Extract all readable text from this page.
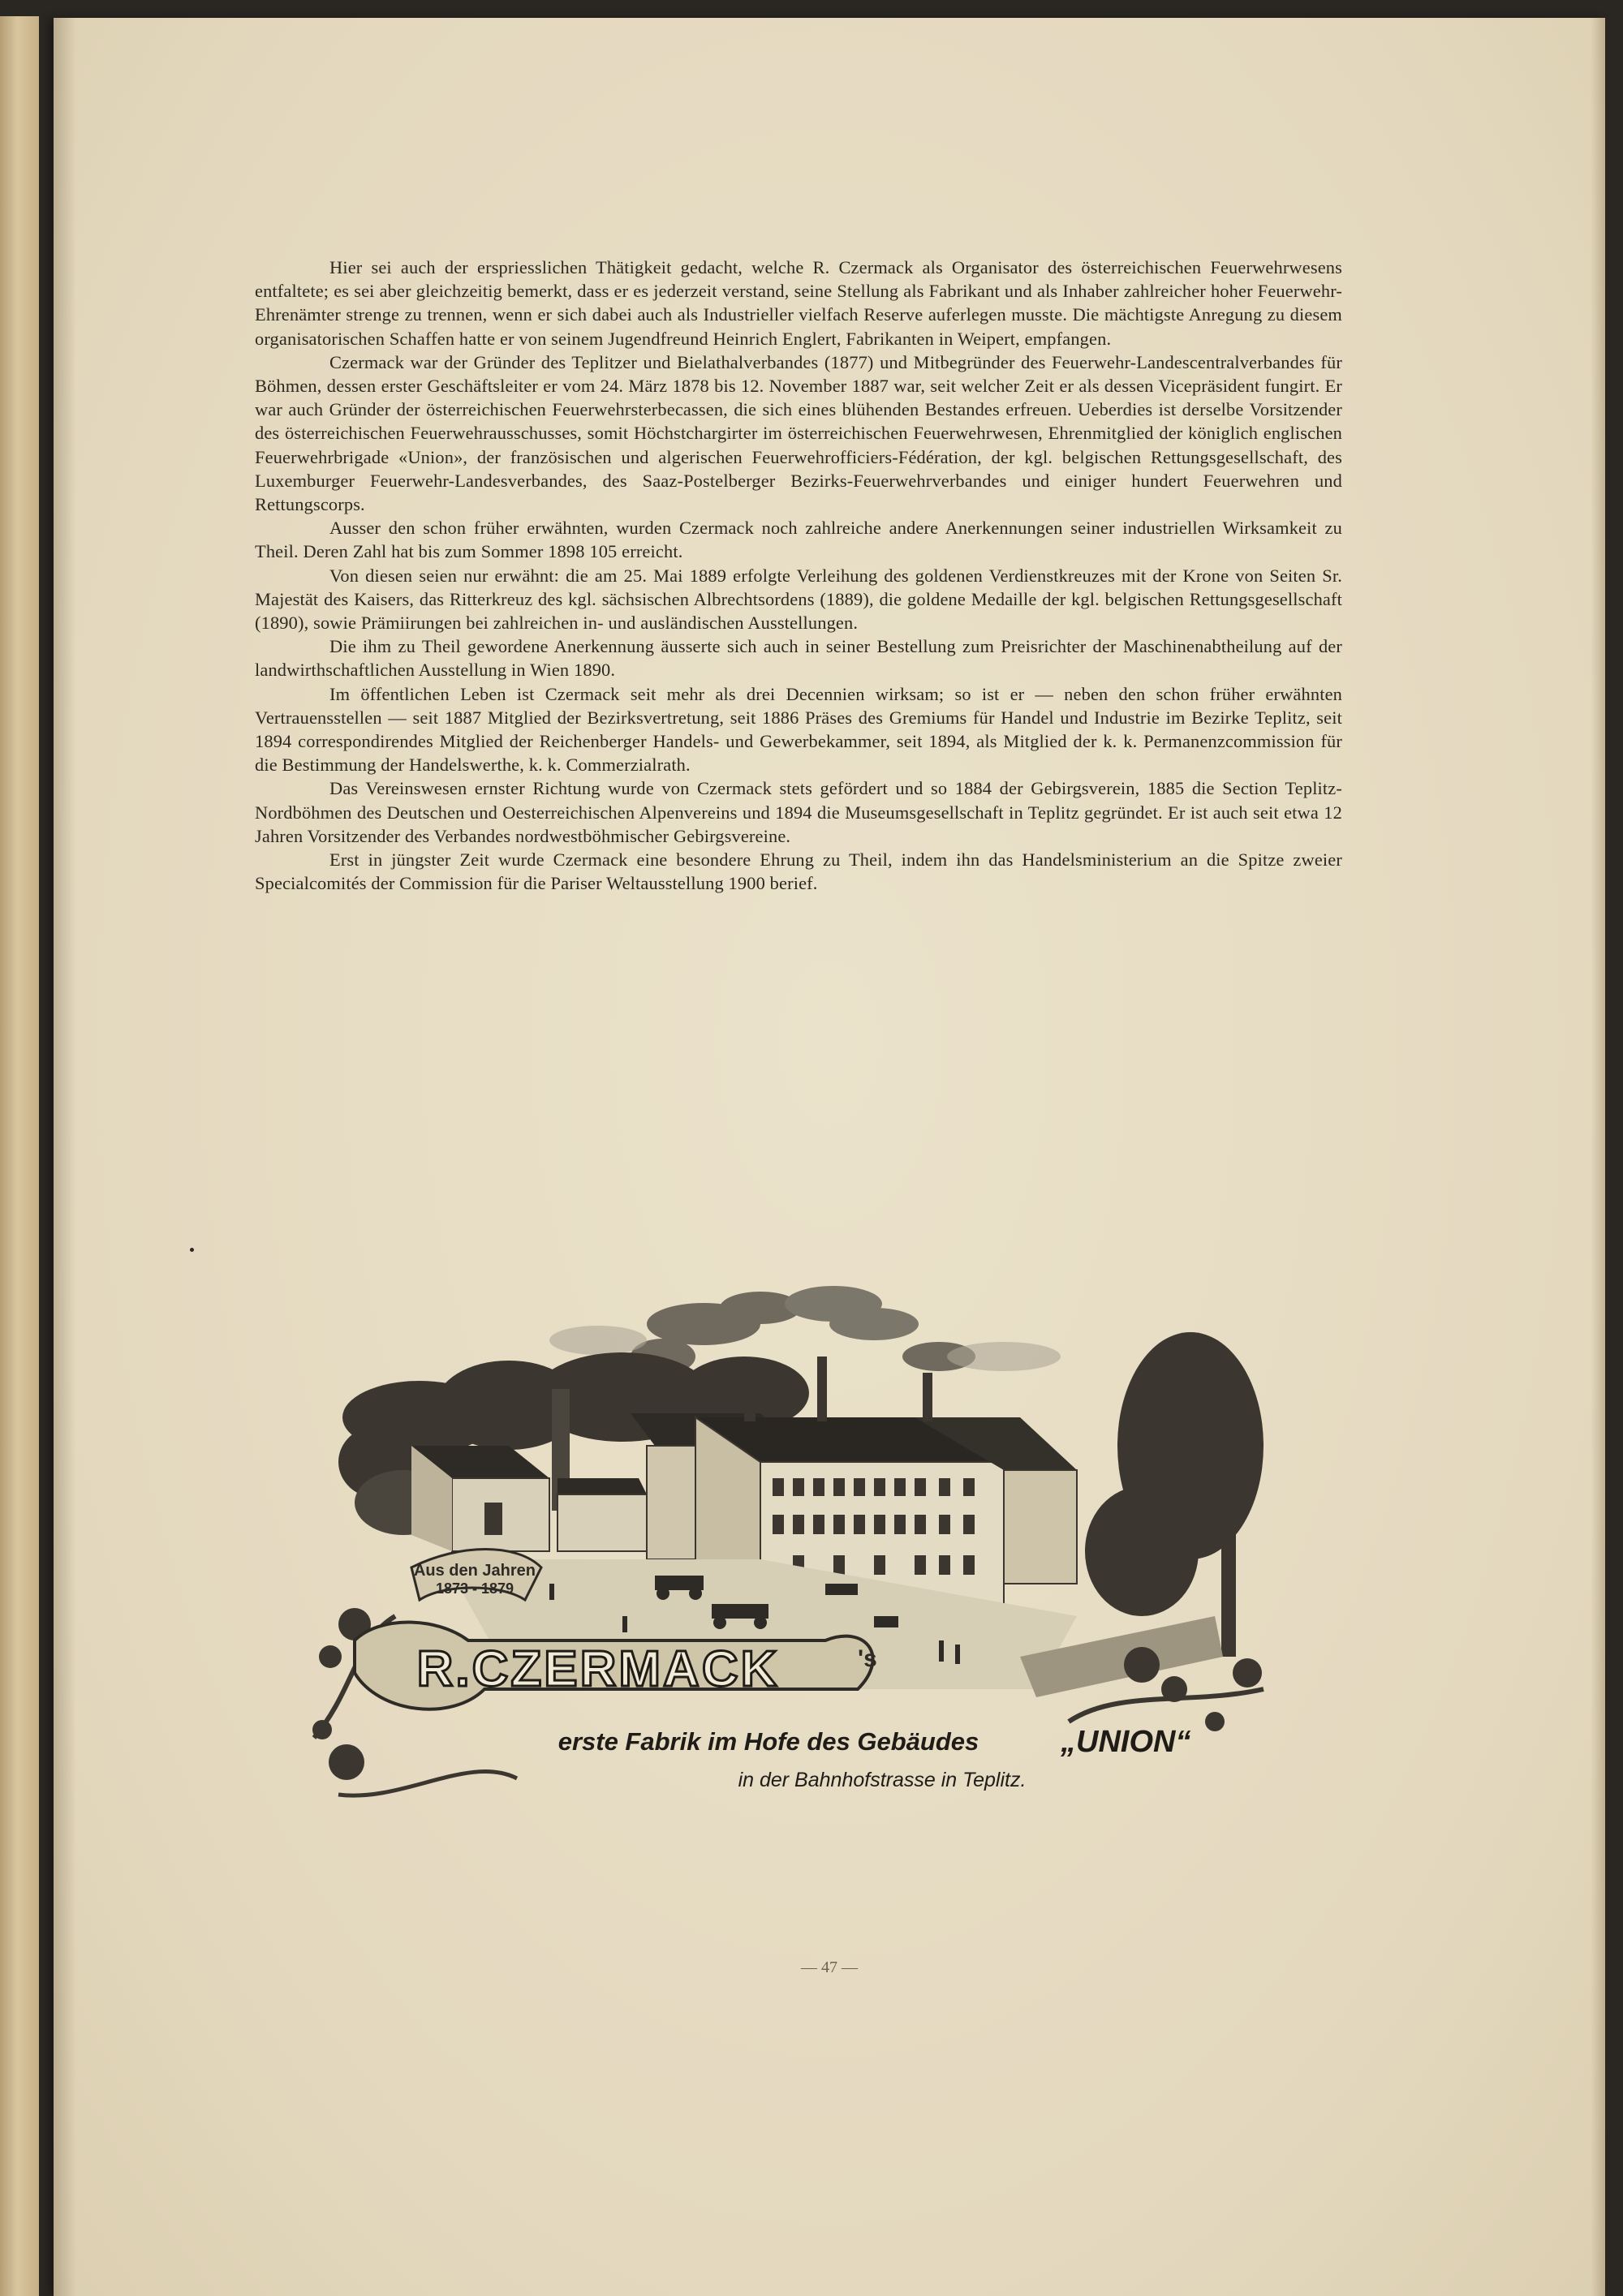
Hier sei auch der erspriesslichen Thätigkeit gedacht, welche R. Czermack als Organisator des österreichischen Feuerwehrwesens entfaltete; es sei aber gleichzeitig bemerkt, dass er es jederzeit verstand, seine Stellung als Fabrikant und als Inhaber zahlreicher hoher Feuerwehr-Ehrenämter strenge zu trennen, wenn er sich dabei auch als Industrieller vielfach Reserve auferlegen musste. Die mächtigste Anregung zu diesem organisatorischen Schaffen hatte er von seinem Jugendfreund Heinrich Englert, Fabrikanten in Weipert, empfangen.

Czermack war der Gründer des Teplitzer und Bielathalverbandes (1877) und Mitbegründer des Feuerwehr-Landescentralverbandes für Böhmen, dessen erster Geschäftsleiter er vom 24. März 1878 bis 12. November 1887 war, seit welcher Zeit er als dessen Vicepräsident fungirt. Er war auch Gründer der österreichischen Feuerwehrsterbecassen, die sich eines blühenden Bestandes erfreuen. Ueberdies ist derselbe Vorsitzender des österreichischen Feuerwehrausschusses, somit Höchstchargirter im österreichischen Feuerwehrwesen, Ehrenmitglied der königlich englischen Feuerwehrbrigade «Union», der französischen und algerischen Feuerwehrofficiers-Fédération, der kgl. belgischen Rettungsgesellschaft, des Luxemburger Feuerwehr-Landesverbandes, des Saaz-Postelberger Bezirks-Feuerwehrverbandes und einiger hundert Feuerwehren und Rettungscorps.

Ausser den schon früher erwähnten, wurden Czermack noch zahlreiche andere Anerkennungen seiner industriellen Wirksamkeit zu Theil. Deren Zahl hat bis zum Sommer 1898 105 erreicht.

Von diesen seien nur erwähnt: die am 25. Mai 1889 erfolgte Verleihung des goldenen Verdienstkreuzes mit der Krone von Seiten Sr. Majestät des Kaisers, das Ritterkreuz des kgl. sächsischen Albrechtsordens (1889), die goldene Medaille der kgl. belgischen Rettungsgesellschaft (1890), sowie Prämiirungen bei zahlreichen in- und ausländischen Ausstellungen.

Die ihm zu Theil gewordene Anerkennung äusserte sich auch in seiner Bestellung zum Preisrichter der Maschinenabtheilung auf der landwirthschaftlichen Ausstellung in Wien 1890.

Im öffentlichen Leben ist Czermack seit mehr als drei Decennien wirksam; so ist er — neben den schon früher erwähnten Vertrauensstellen — seit 1887 Mitglied der Bezirksvertretung, seit 1886 Präses des Gremiums für Handel und Industrie im Bezirke Teplitz, seit 1894 correspondirendes Mitglied der Reichenberger Handels- und Gewerbekammer, seit 1894, als Mitglied der k. k. Permanenzcommission für die Bestimmung der Handelswerthe, k. k. Commerzialrath.

Das Vereinswesen ernster Richtung wurde von Czermack stets gefördert und so 1884 der Gebirgsverein, 1885 die Section Teplitz-Nordböhmen des Deutschen und Oesterreichischen Alpenvereins und 1894 die Museumsgesellschaft in Teplitz gegründet. Er ist auch seit etwa 12 Jahren Vorsitzender des Verbandes nordwestböhmischer Gebirgsvereine.

Erst in jüngster Zeit wurde Czermack eine besondere Ehrung zu Theil, indem ihn das Handelsministerium an die Spitze zweier Specialcomités der Commission für die Pariser Weltausstellung 1900 berief.

Aus den Jahren
1873 - 1879
R.CZERMACK	's
erste Fabrik im Hofe des Gebäudes	„UNION“
in der Bahnhofstrasse in Teplitz.
— 47 —
